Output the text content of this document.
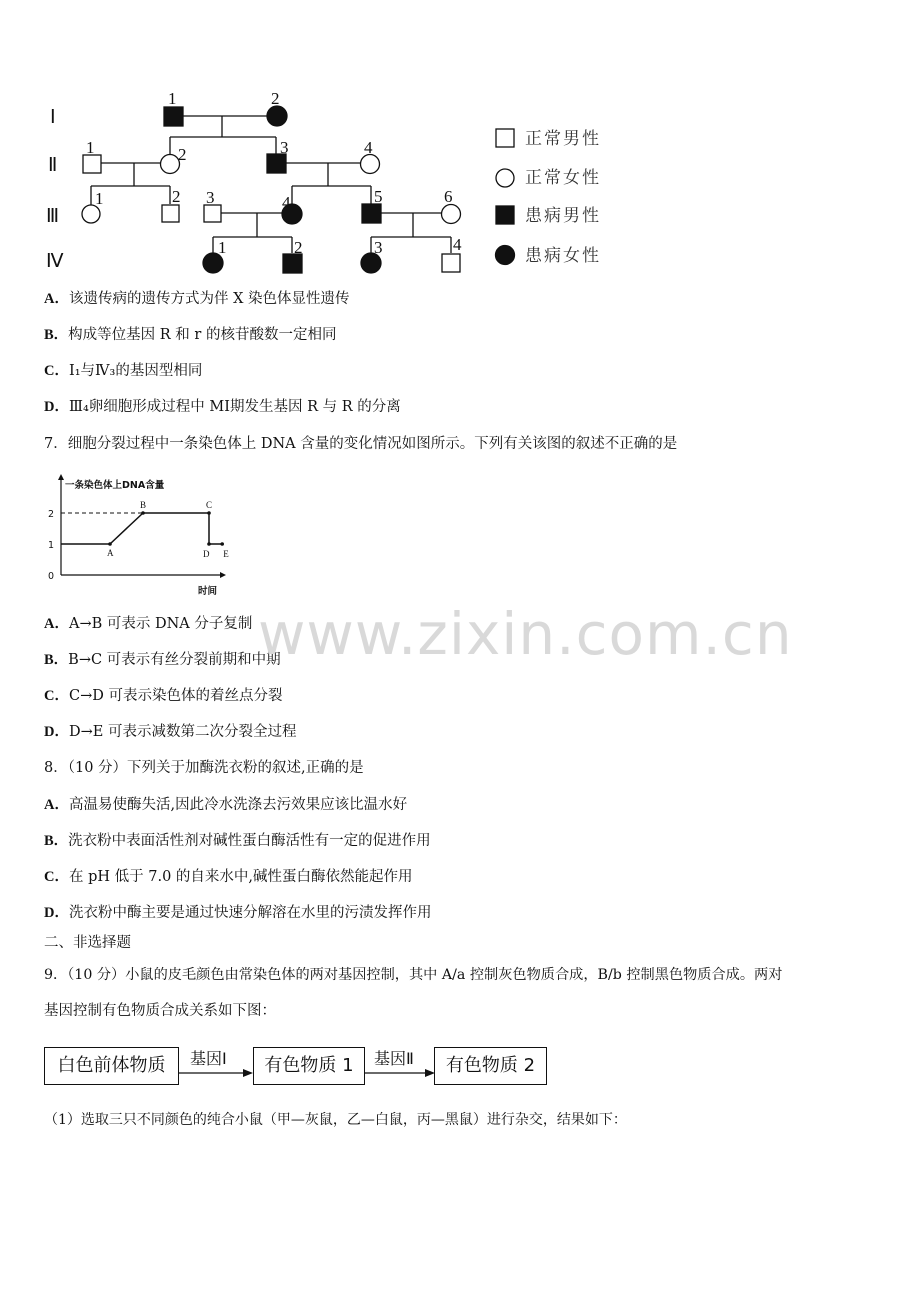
Ⅰ
Ⅱ
Ⅲ
Ⅳ
1	2
1	2	3	4
1	2 3	4	5	6
1	2	3	4
正常男性
正常女性
患病男性
患病女性
A．该遗传病的遗传方式为伴 X 染色体显性遗传
B．构成等位基因 R 和 r 的核苷酸数一定相同
C．Ⅰ₁与Ⅳ₃的基因型相同
D．Ⅲ₄卵细胞形成过程中 MⅠ期发生基因 R 与 R 的分离
7．细胞分裂过程中一条染色体上 DNA 含量的变化情况如图所示。下列有关该图的叙述不正确的是
一条染色体上DNA含量
时间
0
1
2
A
B	C
D E
A．A→B 可表示 DNA 分子复制
B．B→C 可表示有丝分裂前期和中期
C．C→D 可表示染色体的着丝点分裂
D．D→E 可表示减数第二次分裂全过程
www.zixin.com.cn
8．（10 分）下列关于加酶洗衣粉的叙述,正确的是
A．高温易使酶失活,因此冷水洗涤去污效果应该比温水好
B．洗衣粉中表面活性剂对碱性蛋白酶活性有一定的促进作用
C．在 pH 低于 7.0 的自来水中,碱性蛋白酶依然能起作用
D．洗衣粉中酶主要是通过快速分解溶在水里的污渍发挥作用
二、非选择题
9．（10 分）小鼠的皮毛颜色由常染色体的两对基因控制，其中 A/a 控制灰色物质合成，B/b 控制黑色物质合成。两对
基因控制有色物质合成关系如下图：
白色前体物质	基因Ⅰ	有色物质 1	基因Ⅱ	有色物质 2
（1）选取三只不同颜色的纯合小鼠（甲—灰鼠，乙—白鼠，丙—黑鼠）进行杂交，结果如下：
